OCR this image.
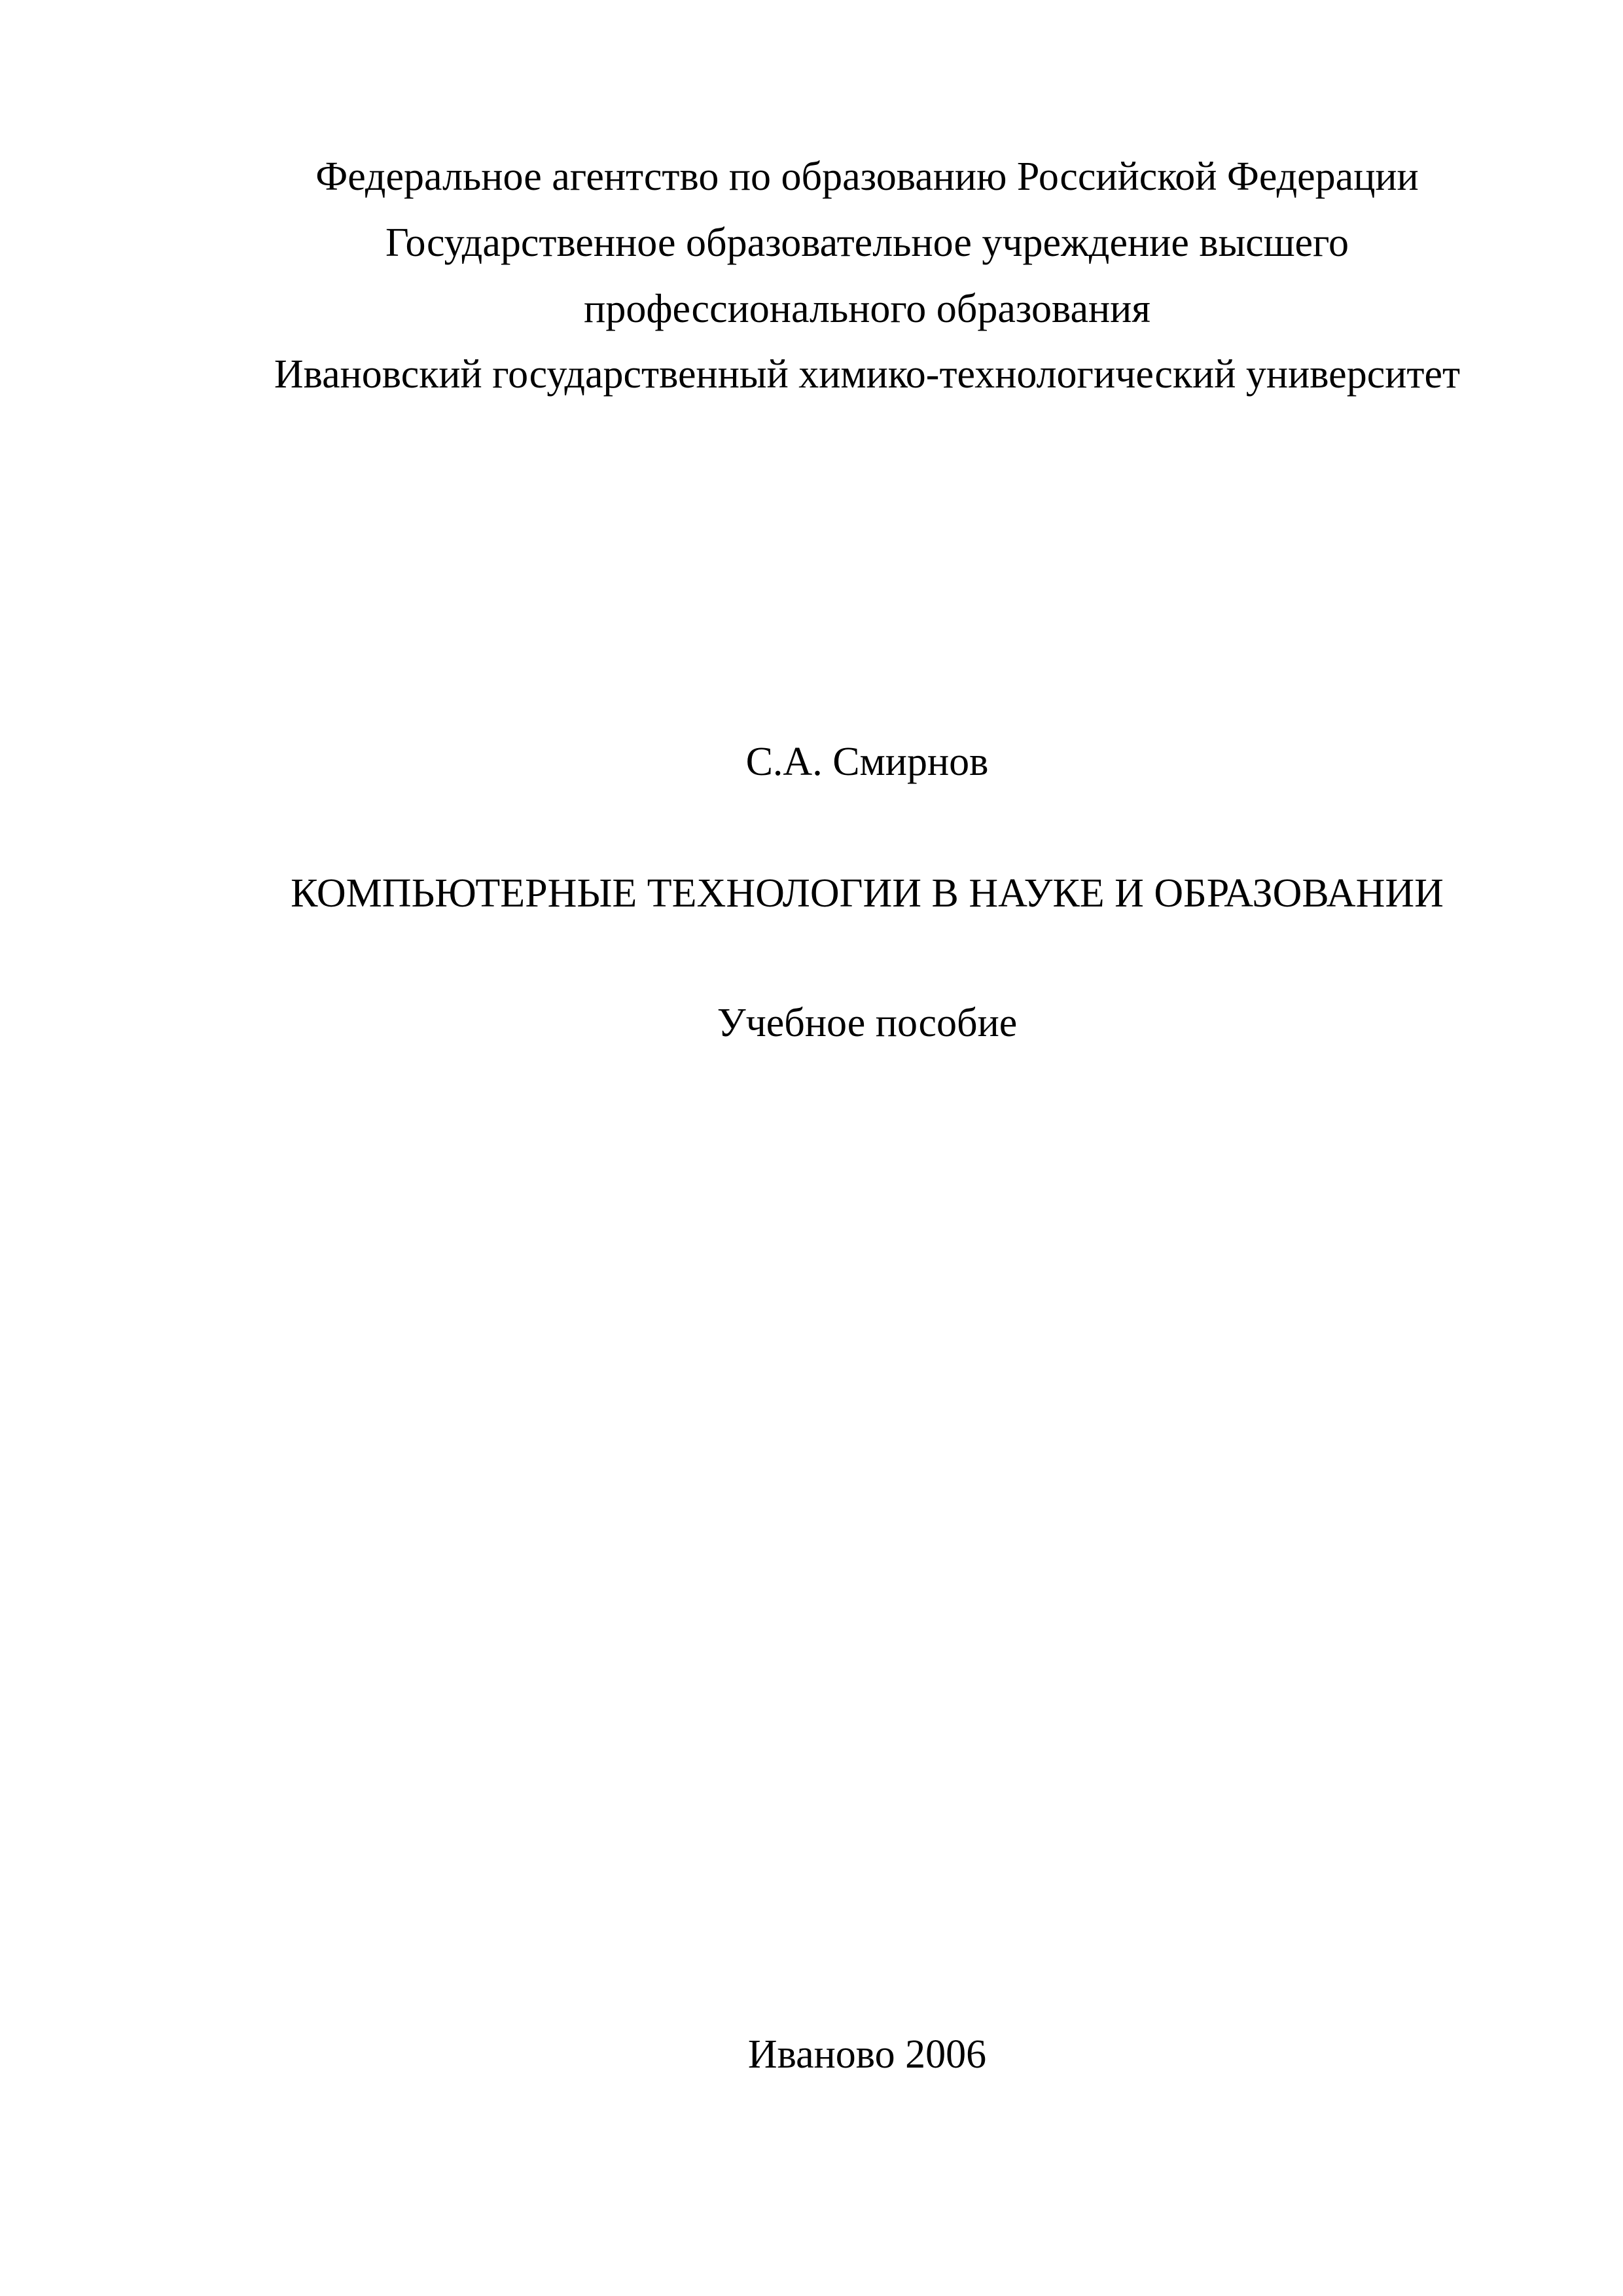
Федеральное агентство по образованию Российской Федерации
Государственное образовательное учреждение высшего
профессионального образования
Ивановский государственный химико-технологический университет
С.А. Смирнов
КОМПЬЮТЕРНЫЕ ТЕХНОЛОГИИ В НАУКЕ И ОБРАЗОВАНИИ
Учебное пособие
Иваново 2006
